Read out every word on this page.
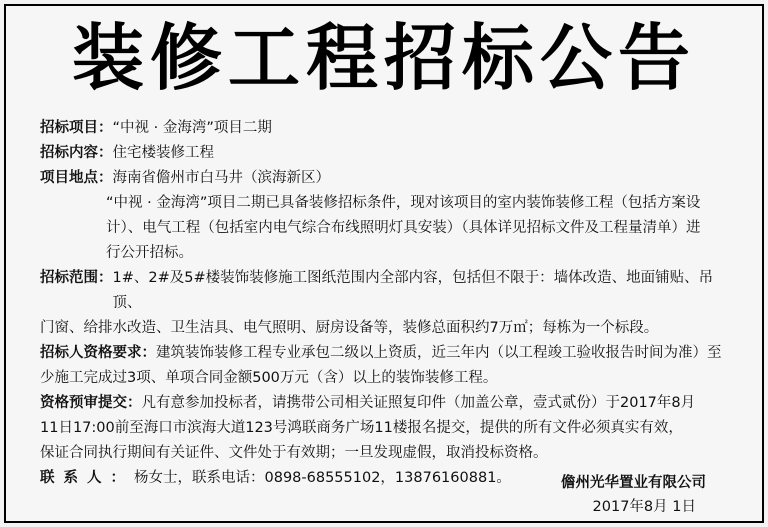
装修工程招标公告
招标项目： “中视 · 金海湾”项目二期
招标内容： 住宅楼装修工程
项目地点： 海南省儋州市白马井（滨海新区）
“中视 · 金海湾”项目二期已具备装修招标条件，现对该项目的室内装饰装修工程（包括方案设
计）、电气工程（包括室内电气综合布线照明灯具安装）（具体详见招标文件及工程量清单）进
行公开招标。
招标范围： 1#、2#及5#楼装饰装修施工图纸范围内全部内容，包括但不限于：墙体改造、地面铺贴、吊顶、
门窗、给排水改造、卫生洁具、电气照明、厨房设备等，装修总面积约7万㎡；每栋为一个标段。
招标人资格要求： 建筑装饰装修工程专业承包二级以上资质，近三年内（以工程竣工验收报告时间为准）至
少施工完成过3项、单项合同金额500万元（含）以上的装饰装修工程。
资格预审提交： 凡有意参加投标者，请携带公司相关证照复印件（加盖公章，壹式贰份）于2017年8月
11日17:00前至海口市滨海大道123号鸿联商务广场11楼报名提交，提供的所有文件必须真实有效，
保证合同执行期间有关证件、文件处于有效期；一旦发现虚假，取消投标资格。
联系人： 杨女士，联系电话：0898-68555102，13876160881。	儋州光华置业有限公司
2017年8月 1日
